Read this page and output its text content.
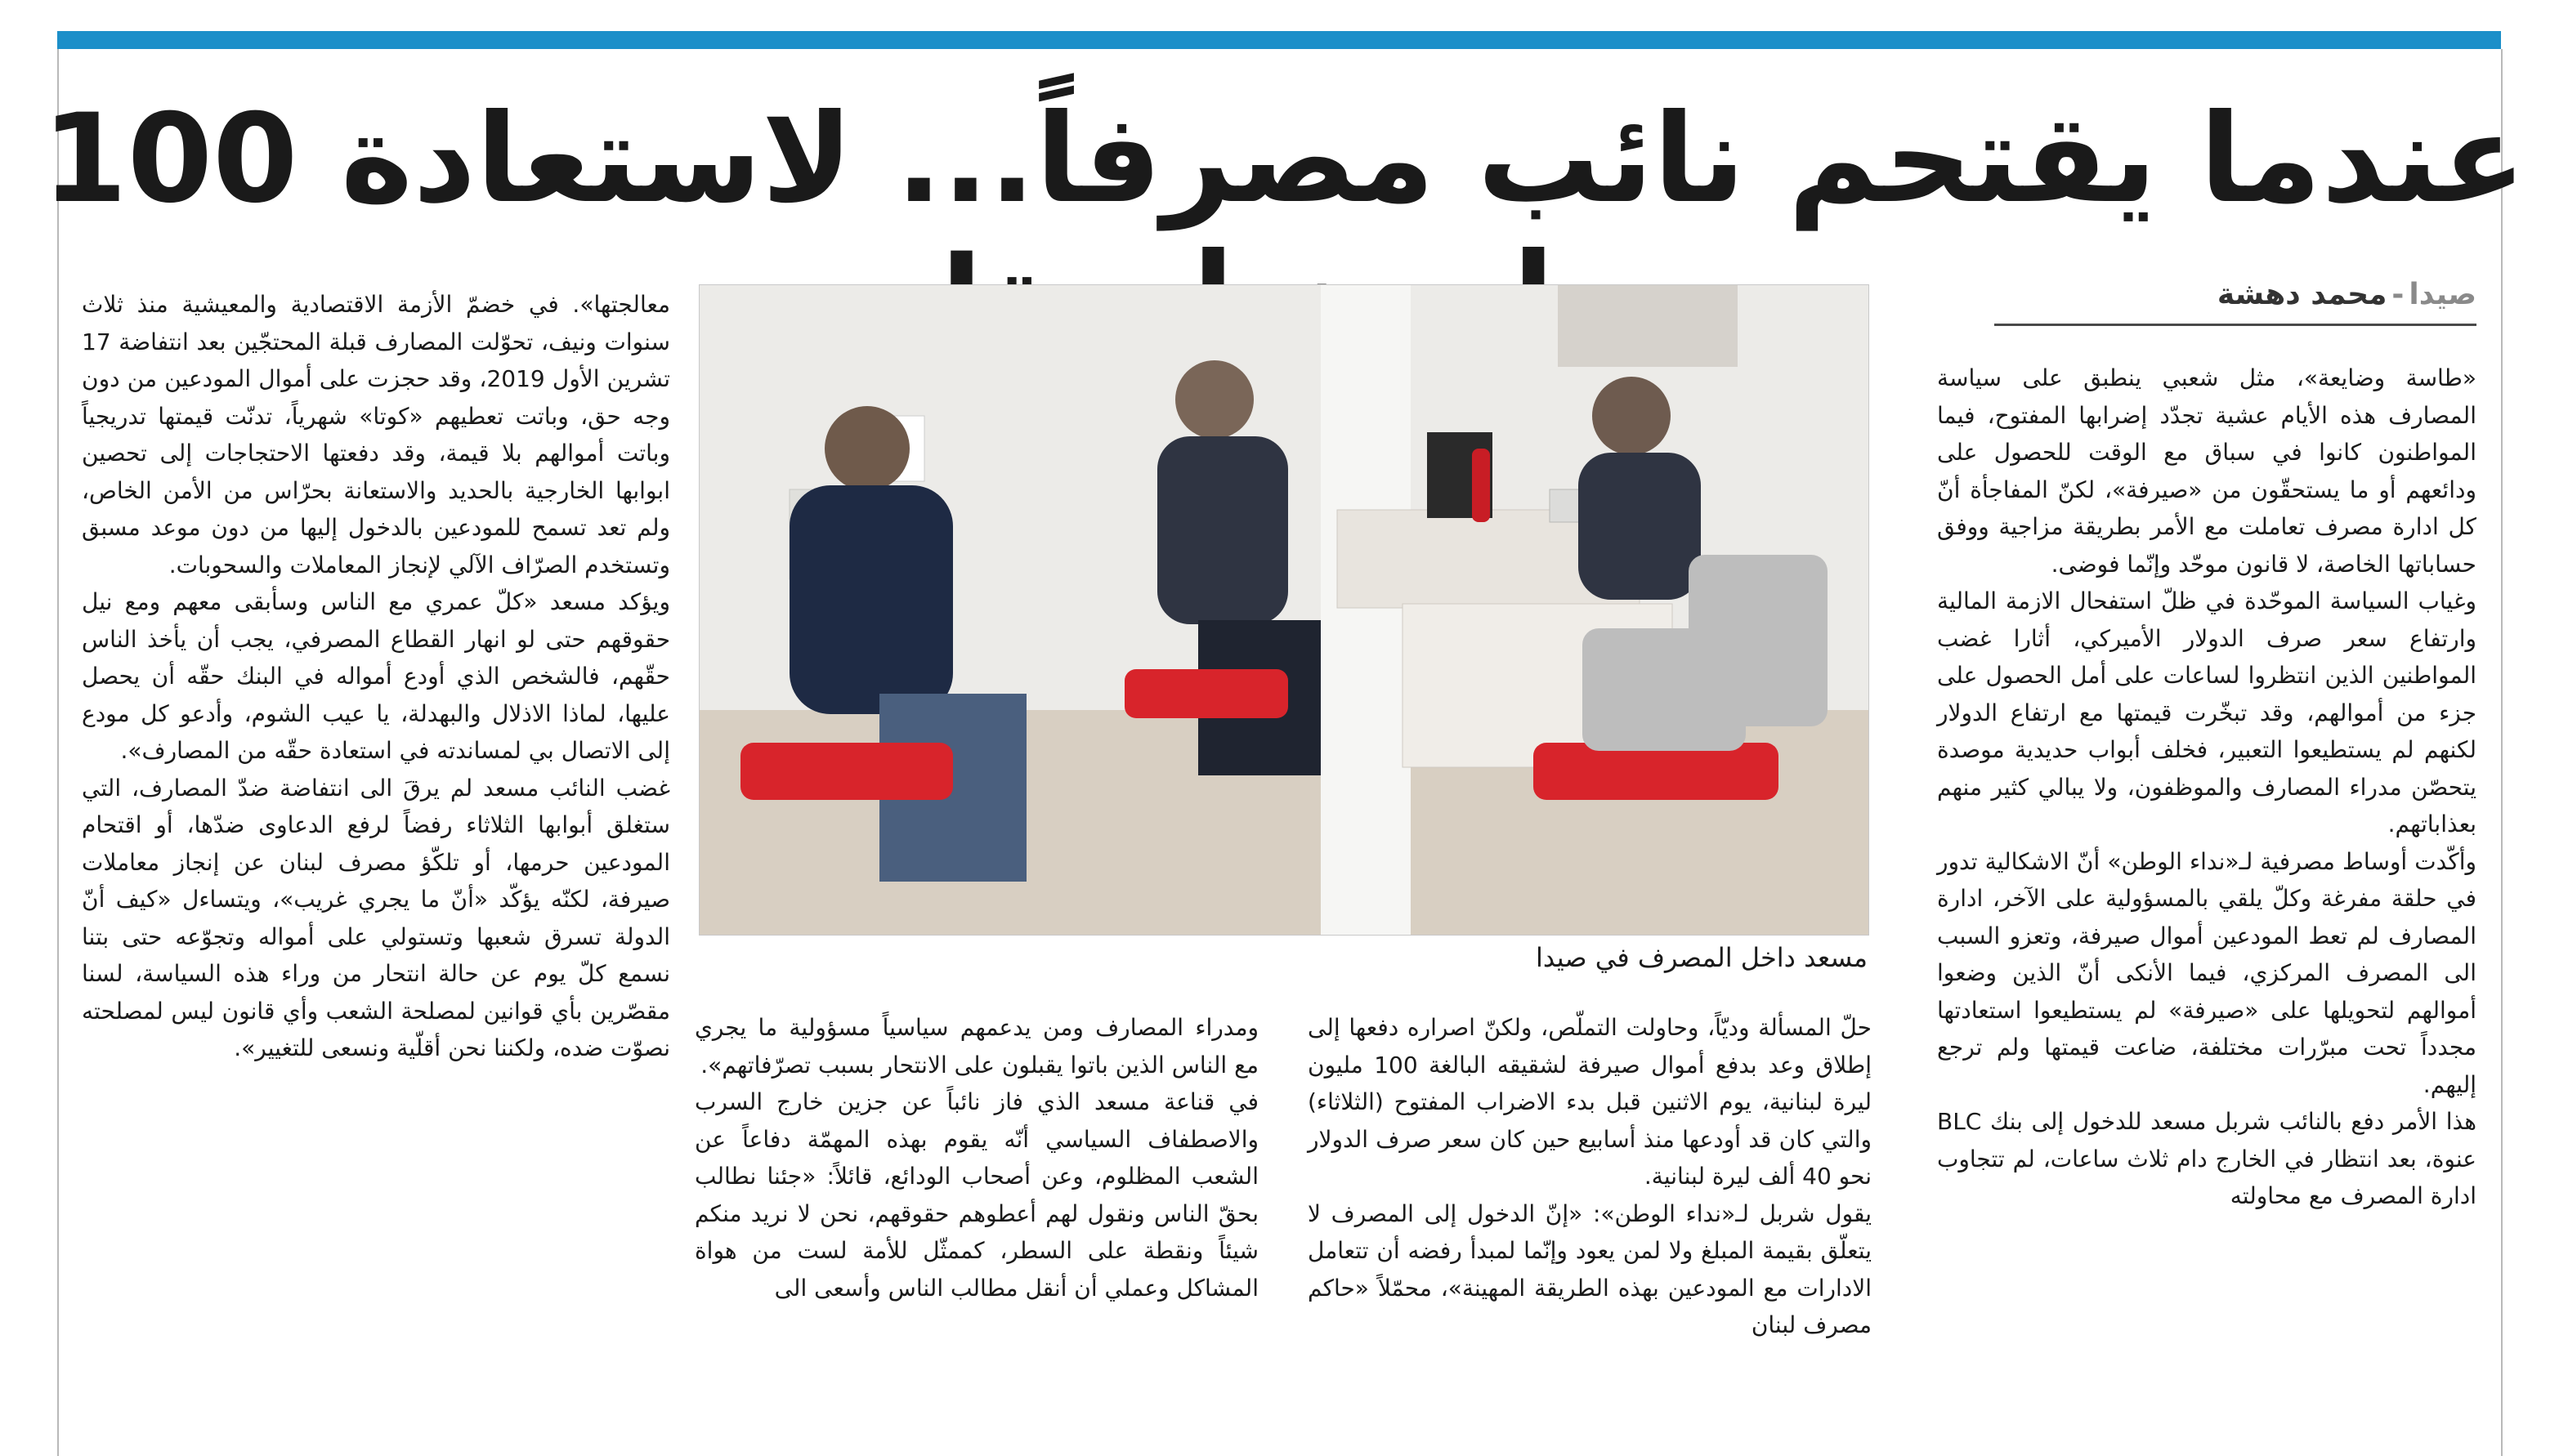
عندما يقتحم نائب مصرفاً... لاستعادة 100
صيدا-محمد دهشة

«طاسة وضايعة»، مثل شعبي ينطبق على سياسة المصارف هذه الأيام عشية تجدّد إضرابها المفتوح، فيما المواطنون كانوا في سباق مع الوقت للحصول على ودائعهم أو ما يستحقّون من «صيرفة»، لكنّ المفاجأة أنّ كل ادارة مصرف تعاملت مع الأمر بطريقة مزاجية ووفق حساباتها الخاصة، لا قانون موحّد وإنّما فوضى.

وغياب السياسة الموحّدة في ظلّ استفحال الازمة المالية وارتفاع سعر صرف الدولار الأميركي، أثارا غضب المواطنين الذين انتظروا لساعات على أمل الحصول على جزء من أموالهم، وقد تبخّرت قيمتها مع ارتفاع الدولار لكنهم لم يستطيعوا التعبير، فخلف أبواب حديدية موصدة يتحصّن مدراء المصارف والموظفون، ولا يبالي كثير منهم بعذاباتهم.

وأكّدت أوساط مصرفية لـ«نداء الوطن» أنّ الاشكالية تدور في حلقة مفرغة وكلّ يلقي بالمسؤولية على الآخر، ادارة المصارف لم تعط المودعين أموال صيرفة، وتعزو السبب الى المصرف المركزي، فيما الأنكى أنّ الذين وضعوا أموالهم لتحويلها على «صيرفة» لم يستطيعوا استعادتها مجدداً تحت مبرّرات مختلفة، ضاعت قيمتها ولم ترجع إليهم.

هذا الأمر دفع بالنائب شربل مسعد للدخول إلى بنك BLC عنوة، بعد انتظار في الخارج دام ثلاث ساعات، لم تتجاوب ادارة المصرف مع محاولته

مسعد داخل المصرف في صيدا

حلّ المسألة وديّاً، وحاولت التملّص، ولكنّ اصراره دفعها إلى إطلاق وعد بدفع أموال صيرفة لشقيقه البالغة 100 مليون ليرة لبنانية، يوم الاثنين قبل بدء الاضراب المفتوح (الثلاثاء) والتي كان قد أودعها منذ أسابيع حين كان سعر صرف الدولار نحو 40 ألف ليرة لبنانية.

يقول شربل لـ«نداء الوطن»: «إنّ الدخول إلى المصرف لا يتعلّق بقيمة المبلغ ولا لمن يعود وإنّما لمبدأ رفضه أن تتعامل الادارات مع المودعين بهذه الطريقة المهينة»، محمّلاً «حاكم مصرف لبنان

ومدراء المصارف ومن يدعمهم سياسياً مسؤولية ما يجري مع الناس الذين باتوا يقبلون على الانتحار بسبب تصرّفاتهم».

في قناعة مسعد الذي فاز نائباً عن جزين خارج السرب والاصطفاف السياسي أنّه يقوم بهذه المهمّة دفاعاً عن الشعب المظلوم، وعن أصحاب الودائع، قائلاً: «جئنا نطالب بحقّ الناس ونقول لهم أعطوهم حقوقهم، نحن لا نريد منكم شيئاً ونقطة على السطر، كممثّل للأمة لست من هواة المشاكل وعملي أن أنقل مطالب الناس وأسعى الى

معالجتها». في خضمّ الأزمة الاقتصادية والمعيشية منذ ثلاث سنوات ونيف، تحوّلت المصارف قبلة المحتجّين بعد انتفاضة 17 تشرين الأول 2019، وقد حجزت على أموال المودعين من دون وجه حق، وباتت تعطيهم «كوتا» شهرياً، تدنّت قيمتها تدريجياً وباتت أموالهم بلا قيمة، وقد دفعتها الاحتجاجات إلى تحصين ابوابها الخارجية بالحديد والاستعانة بحرّاس من الأمن الخاص، ولم تعد تسمح للمودعين بالدخول إليها من دون موعد مسبق وتستخدم الصرّاف الآلي لإنجاز المعاملات والسحوبات.

ويؤكد مسعد «كلّ عمري مع الناس وسأبقى معهم ومع نيل حقوقهم حتى لو انهار القطاع المصرفي، يجب أن يأخذ الناس حقّهم، فالشخص الذي أودع أمواله في البنك حقّه أن يحصل عليها، لماذا الاذلال والبهدلة، يا عيب الشوم، وأدعو كل مودع إلى الاتصال بي لمساندته في استعادة حقّه من المصارف».

غضب النائب مسعد لم يرقَ الى انتفاضة ضدّ المصارف، التي ستغلق أبوابها الثلاثاء رفضاً لرفع الدعاوى ضدّها، أو اقتحام المودعين حرمها، أو تلكّؤ مصرف لبنان عن إنجاز معاملات صيرفة، لكنّه يؤكّد «أنّ ما يجري غريب»، ويتساءل «كيف أنّ الدولة تسرق شعبها وتستولي على أمواله وتجوّعه حتى بتنا نسمع كلّ يوم عن حالة انتحار من وراء هذه السياسة، لسنا مقصّرين بأي قوانين لمصلحة الشعب وأي قانون ليس لمصلحته نصوّت ضده، ولكننا نحن أقلّية ونسعى للتغيير».
